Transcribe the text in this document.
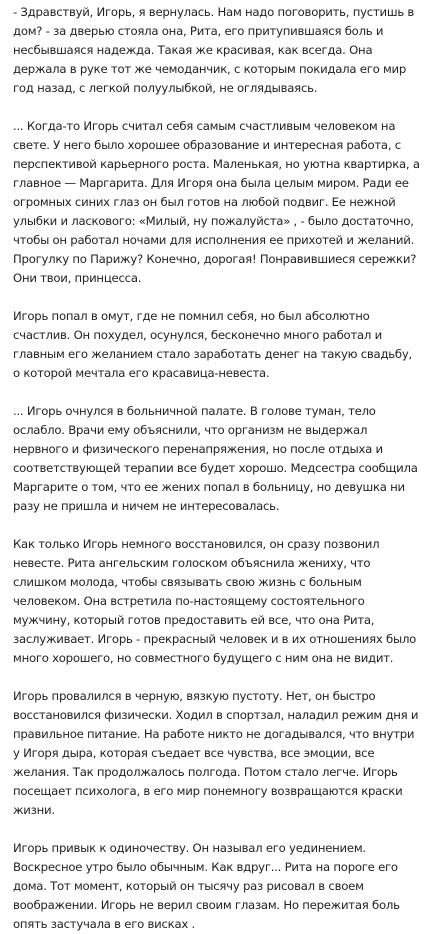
- Здравствуй, Игорь, я вернулась. Нам надо поговорить, пустишь в дом? - за дверью стояла она, Рита, его притупившаяся боль и несбывшаяся надежда. Такая же красивая, как всегда. Она держала в руке тот же чемоданчик, с которым покидала его мир год назад, с легкой полуулыбкой, не оглядываясь.

... Когда-то Игорь считал себя самым счастливым человеком на свете. У него было хорошее образование и интересная работа, с перспективой карьерного роста. Маленькая, но уютна квартирка, а главное — Маргарита. Для Игоря она была целым миром. Ради ее огромных синих глаз он был готов на любой подвиг. Ее нежной улыбки и ласкового: «Милый, ну пожалуйста» , - было достаточно, чтобы он работал ночами для исполнения ее прихотей и желаний. Прогулку по Парижу? Конечно, дорогая! Понравившиеся сережки? Они твои, принцесса.

Игорь попал в омут, где не помнил себя, но был абсолютно счастлив. Он похудел, осунулся, бесконечно много работал и главным его желанием стало заработать денег на такую свадьбу, о которой мечтала его красавица-невеста.

... Игорь очнулся в больничной палате. В голове туман, тело ослабло. Врачи ему объяснили, что организм не выдержал нервного и физического перенапряжения, но после отдыха и соответствующей терапии все будет хорошо. Медсестра сообщила Маргарите о том, что ее жених попал в больницу, но девушка ни разу не пришла и ничем не интересовалась.

Как только Игорь немного восстановился, он сразу позвонил невесте. Рита ангельским голоском объяснила жениху, что слишком молода, чтобы связывать свою жизнь с больным человеком. Она встретила по-настоящему состоятельного мужчину, который готов предоставить ей все, что она Рита, заслуживает. Игорь - прекрасный человек и в их отношениях было много хорошего, но совместного будущего с ним она не видит.

Игорь провалился в черную, вязкую пустоту. Нет, он быстро восстановился физически. Ходил в спортзал, наладил режим дня и правильное питание. На работе никто не догадывался, что внутри у Игоря дыра, которая съедает все чувства, все эмоции, все желания. Так продолжалось полгода. Потом стало легче. Игорь посещает психолога, в его мир понемногу возвращаются краски жизни.

Игорь привык к одиночеству. Он называл его уединением. Воскресное утро было обычным. Как вдруг... Рита на пороге его дома. Тот момент, который он тысячу раз рисовал в своем воображении. Игорь не верил своим глазам. Но пережитая боль опять застучала в его висках .
